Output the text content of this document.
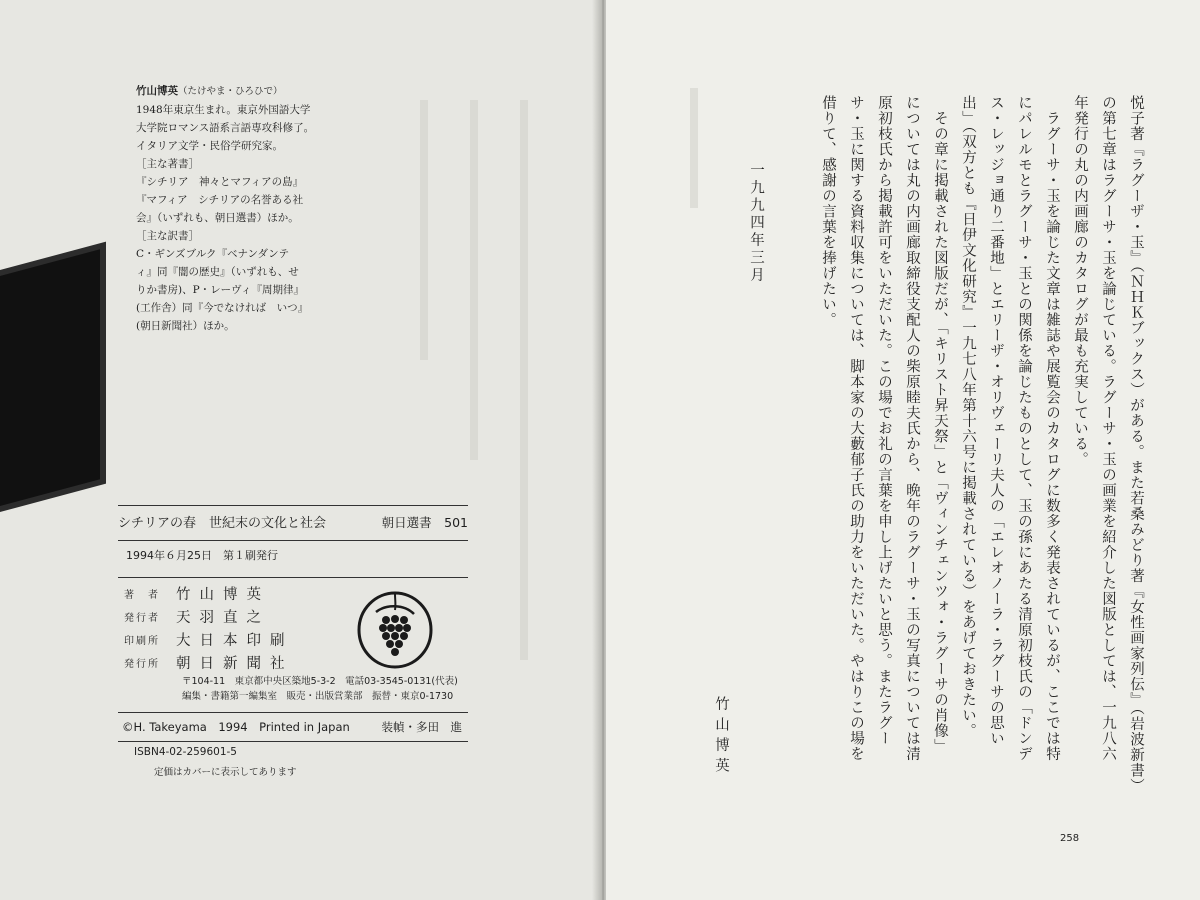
竹山博英（たけやま・ひろひで）
1948年東京生まれ。東京外国語大学
大学院ロマンス語系言語専攻科修了。
イタリア文学・民俗学研究家。
［主な著書］
『シチリア　神々とマフィアの島』
『マフィア　シチリアの名誉ある社
会』（いずれも、朝日選書）ほか。
［主な訳書］
C・ギンズブルク『ベナンダンテ
ィ』同『闇の歴史』（いずれも、せ
りか書房)、P・レーヴィ『周期律』
(工作舎）同『今でなければ　いつ』
(朝日新聞社）ほか。
シチリアの春　世紀末の文化と社会	朝日選書　501
1994年６月25日　第１刷発行
著　者	竹山博英
発行者	天羽直之
印刷所	大日本印刷
発行所	朝日新聞社
〒104-11　東京都中央区築地5-3-2　電話03-3545-0131(代表)
編集・書籍第一編集室　販売・出版営業部　振替・東京0-1730
©H. Takeyama　1994　Printed in Japan	装幀・多田　進
ISBN4-02-259601-5
定価はカバーに表示してあります	悦子著『ラグーザ・玉』（ＮＨＫブックス）がある。また若桑みどり著『女性画家列伝』（岩波新書）
の第七章はラグーサ・玉を論じている。ラグーサ・玉の画業を紹介した図版としては、一九八六
年発行の丸の内画廊のカタログが最も充実している。
　ラグーサ・玉を論じた文章は雑誌や展覧会のカタログに数多く発表されているが、ここでは特
にパレルモとラグーサ・玉との関係を論じたものとして、玉の孫にあたる清原初枝氏の「ドンデ
ス・レッジョ通り二番地」とエリーザ・オリヴェーリ夫人の「エレオノーラ・ラグーサの思い
出」（双方とも『日伊文化研究』一九七八年第十六号に掲載されている）をあげておきたい。
　その章に掲載された図版だが、「キリスト昇天祭」と「ヴィンチェンツォ・ラグーサの肖像」
については丸の内画廊取締役支配人の柴原睦夫氏から、晩年のラグーサ・玉の写真については清
原初枝氏から掲載許可をいただいた。この場でお礼の言葉を申し上げたいと思う。またラグー
サ・玉に関する資料収集については、脚本家の大藪郁子氏の助力をいただいた。やはりこの場を
借りて、感謝の言葉を捧げたい。
一九九四年三月
竹山博英
258
